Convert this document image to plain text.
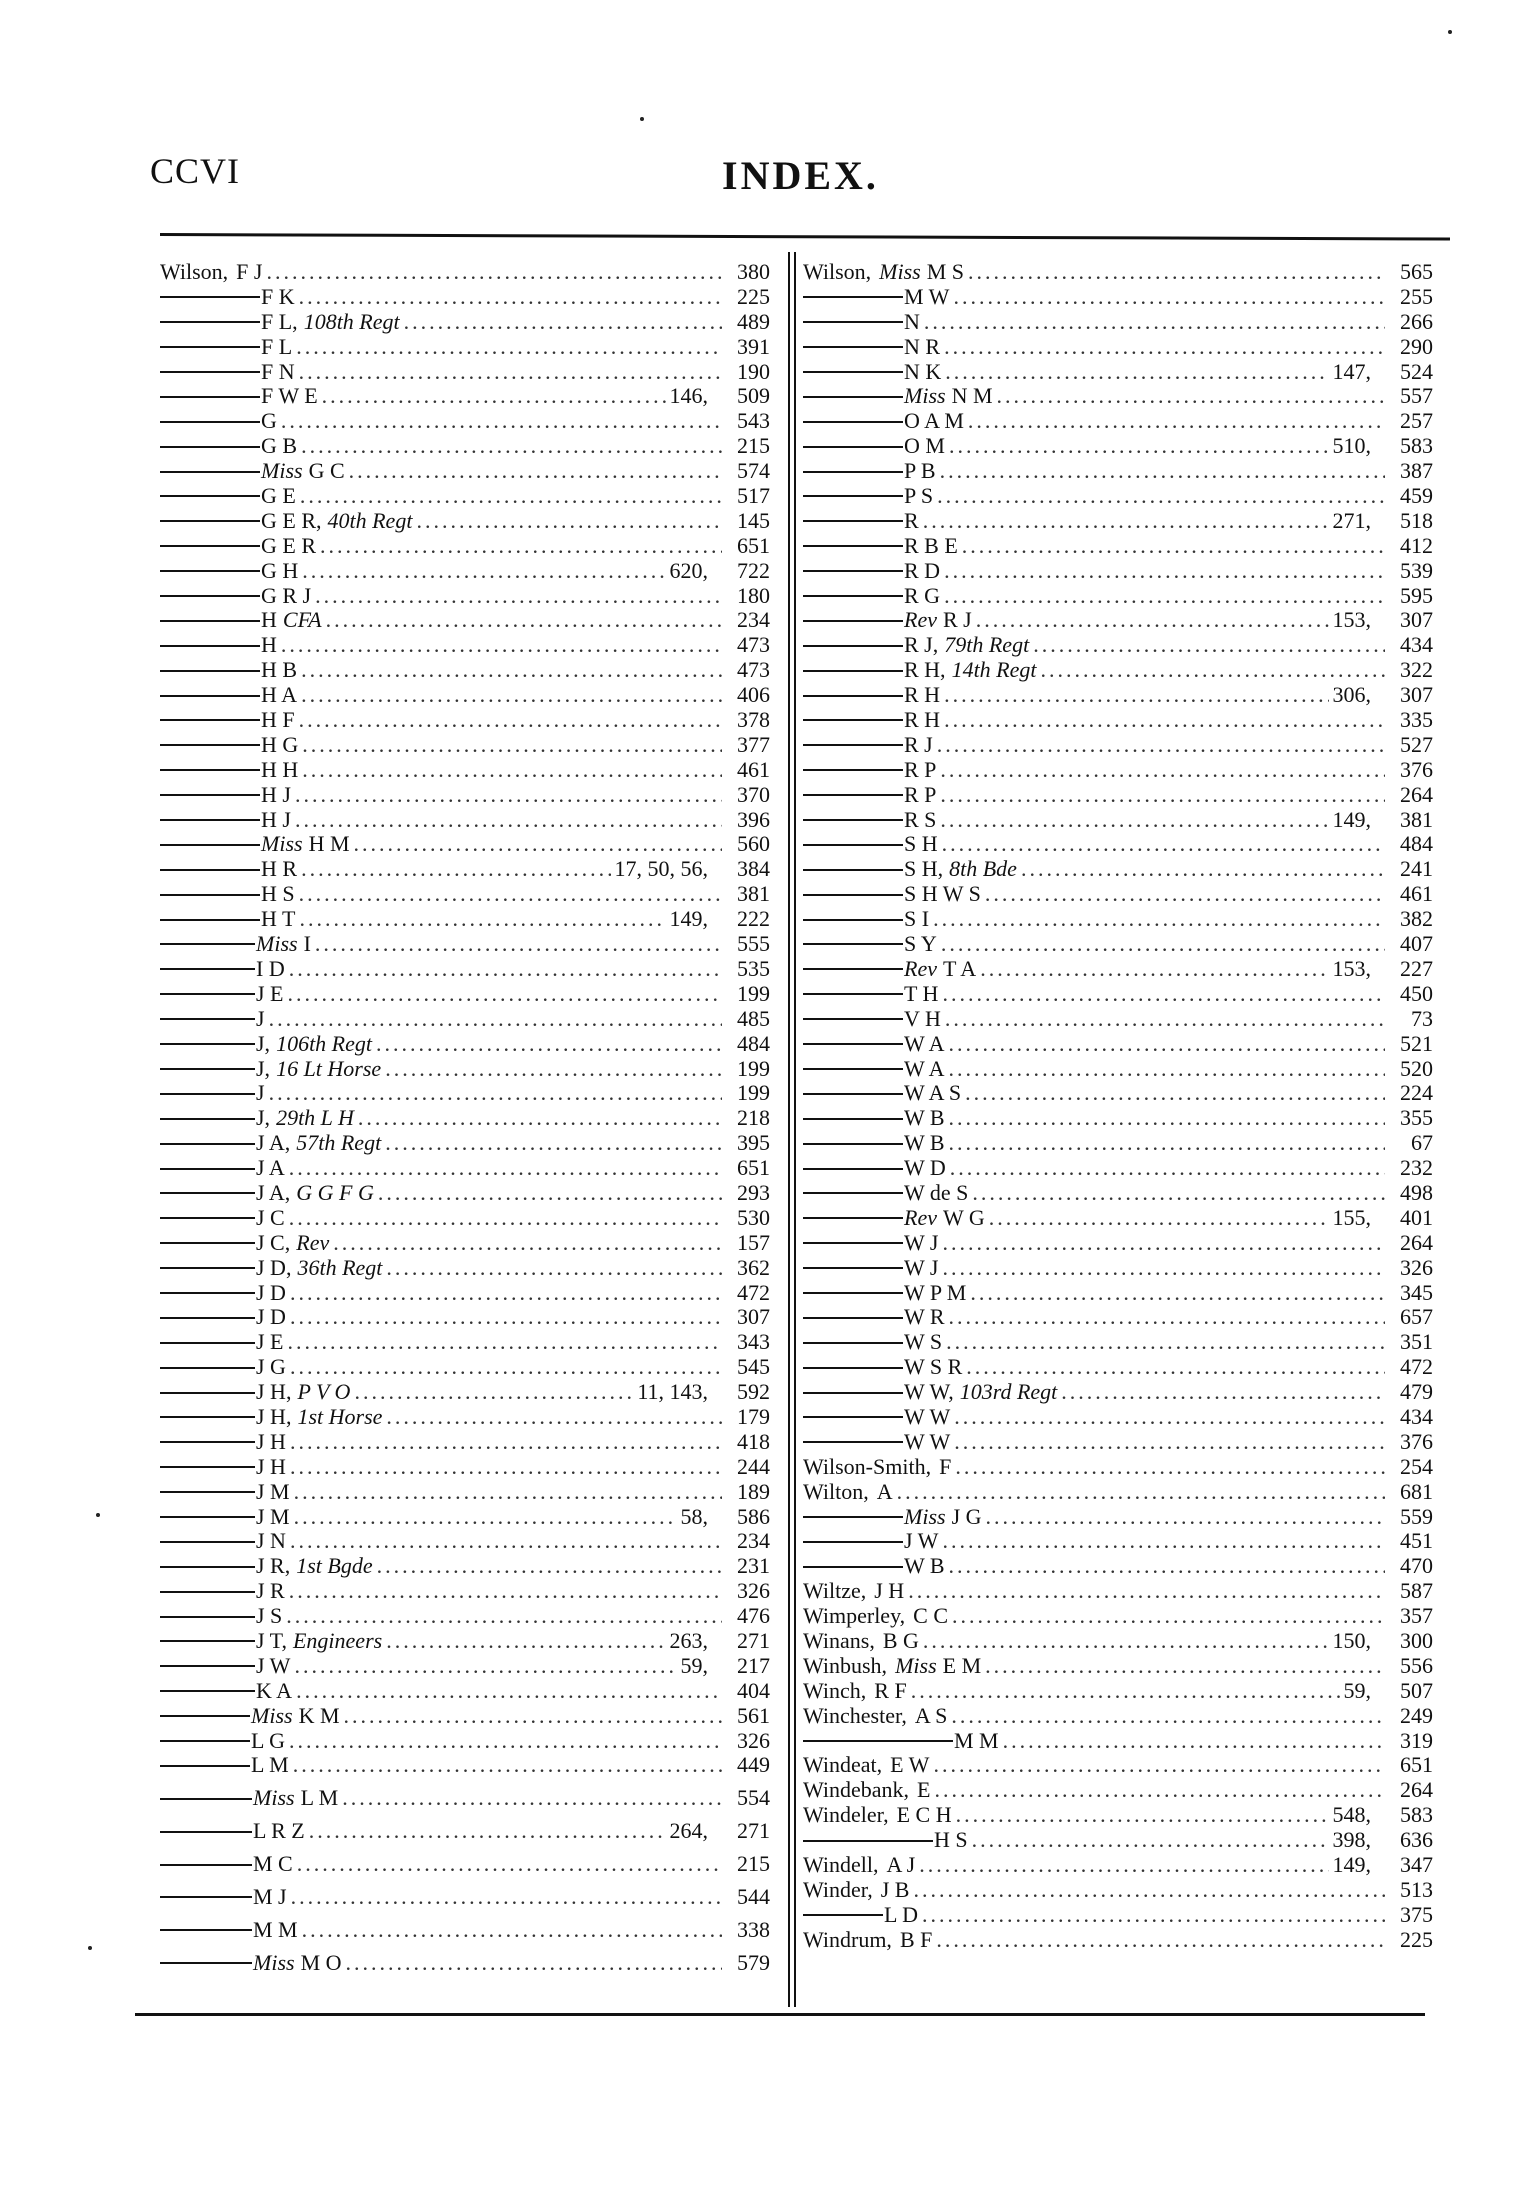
CCVI	INDEX.
Wilson, F J .....	380
F K .....	225
F L, 108th Regt .....	489
F L .....	391
F N .....	190
F W E .....	146,	509
G .....	543
G B .....	215
Miss G C .....	574
G E .....	517
G E R, 40th Regt .....	145
G E R .....	651
G H .....	620,	722
G R J .....	180
H CFA .....	234
H .....	473
H B .....	473
H A .....	406
H F .....	378
H G .....	377
H H .....	461
H J .....	370
H J .....	396
Miss H M .....	560
H R .....	17, 50, 56,	384
H S .....	381
H T .....	149,	222
Miss I .....	555
I D .....	535
J E .....	199
J .....	485
J, 106th Regt .....	484
J, 16 Lt Horse .....	199
J .....	199
J, 29th L H .....	218
J A, 57th Regt .....	395
J A .....	651
J A, G G F G .....	293
J C .....	530
J C, Rev .....	157
J D, 36th Regt .....	362
J D .....	472
J D .....	307
J E .....	343
J G .....	545
J H, P V O .....	11, 143,	592
J H, 1st Horse .....	179
J H .....	418
J H .....	244
J M .....	189
J M .....	58,	586
J N .....	234
J R, 1st Bgde .....	231
J R .....	326
J S .....	476
J T, Engineers .....	263,	271
J W .....	59,	217
K A .....	404
Miss K M .....	561
L G .....	326
L M .....	449
Miss L M .....	554
L R Z .....	264,	271
M C .....	215
M J .....	544
M M .....	338
Miss M O .....	579
Wilson, Miss M S .....	565
M W .....	255
N .....	266
N R .....	290
N K .....	147,	524
Miss N M .....	557
O A M .....	257
O M .....	510,	583
P B .....	387
P S .....	459
R .....	271,	518
R B E .....	412
R D .....	539
R G .....	595
Rev R J .....	153,	307
R J, 79th Regt .....	434
R H, 14th Regt .....	322
R H .....	306,	307
R H .....	335
R J .....	527
R P .....	376
R P .....	264
R S .....	149,	381
S H .....	484
S H, 8th Bde .....	241
S H W S .....	461
S I .....	382
S Y .....	407
Rev T A .....	153,	227
T H .....	450
V H .....	73
W A .....	521
W A .....	520
W A S .....	224
W B .....	355
W B .....	67
W D .....	232
W de S .....	498
Rev W G .....	155,	401
W J .....	264
W J .....	326
W P M .....	345
W R .....	657
W S .....	351
W S R .....	472
W W, 103rd Regt .....	479
W W .....	434
W W .....	376
Wilson-Smith, F .....	254
Wilton, A .....	681
Miss J G .....	559
J W .....	451
W B .....	470
Wiltze, J H .....	587
Wimperley, C C .....	357
Winans, B G .....	150,	300
Winbush, Miss E M .....	556
Winch, R F .....	59,	507
Winchester, A S .....	249
M M .....	319
Windeat, E W .....	651
Windebank, E .....	264
Windeler, E C H .....	548,	583
H S .....	398,	636
Windell, A J .....	149,	347
Winder, J B .....	513
L D .....	375
Windrum, B F .....	225
